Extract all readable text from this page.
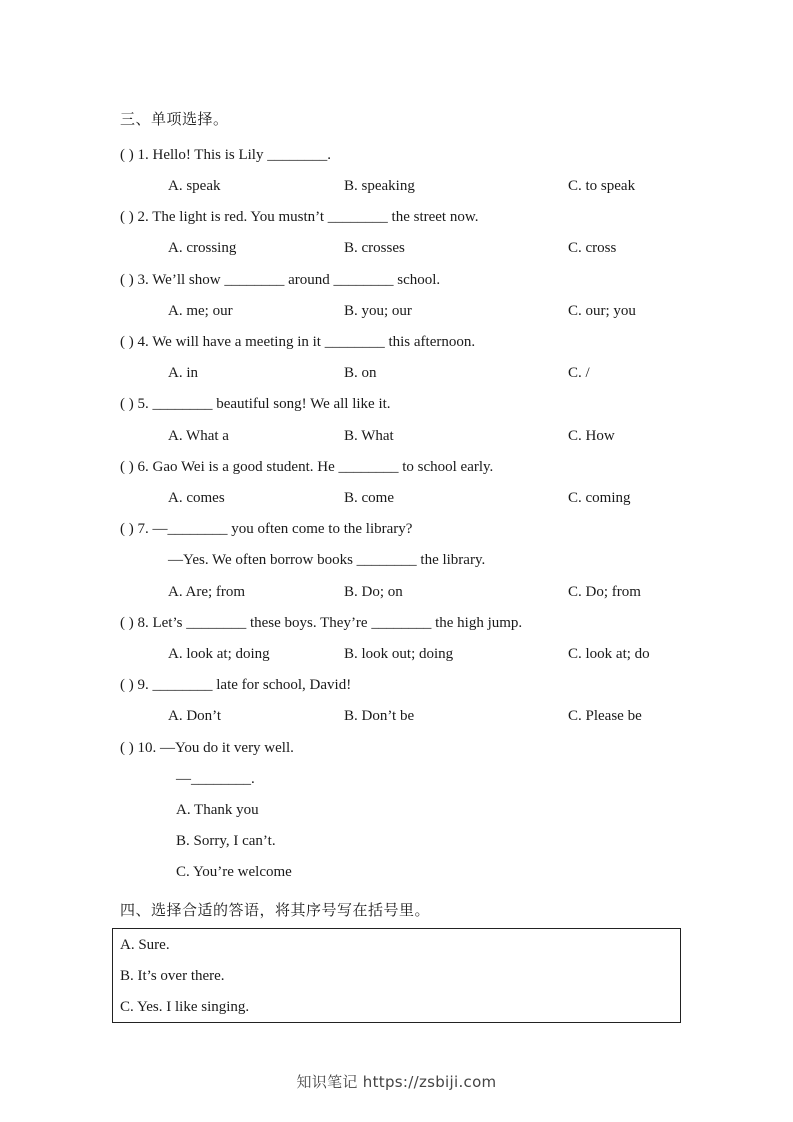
三、单项选择。
( ) 1. Hello! This is Lily ________.
A. speak	B. speaking	C. to speak
( ) 2. The light is red. You mustn’t ________ the street now.
A. crossing	B. crosses	C. cross
( ) 3. We’ll show ________ around ________ school.
A. me; our	B. you; our	C. our; you
( ) 4. We will have a meeting in it ________ this afternoon.
A. in	B. on	C. /
( ) 5. ________ beautiful song! We all like it.
A. What a	B. What	C. How
( ) 6. Gao Wei is a good student. He ________ to school early.
A. comes	B. come	C. coming
( ) 7. —________ you often come to the library?
—Yes. We often borrow books ________ the library.
A. Are; from	B. Do; on	C. Do; from
( ) 8. Let’s ________ these boys. They’re ________ the high jump.
A. look at; doing	B. look out; doing	C. look at; do
( ) 9. ________ late for school, David!
A. Don’t	B. Don’t be	C. Please be
( ) 10. —You do it very well.
—________.
A. Thank you
B. Sorry, I can’t.
C. You’re welcome
四、选择合适的答语，将其序号写在括号里。
A. Sure.
B. It’s over there.
C. Yes. I like singing.
知识笔记 https://zsbiji.com
